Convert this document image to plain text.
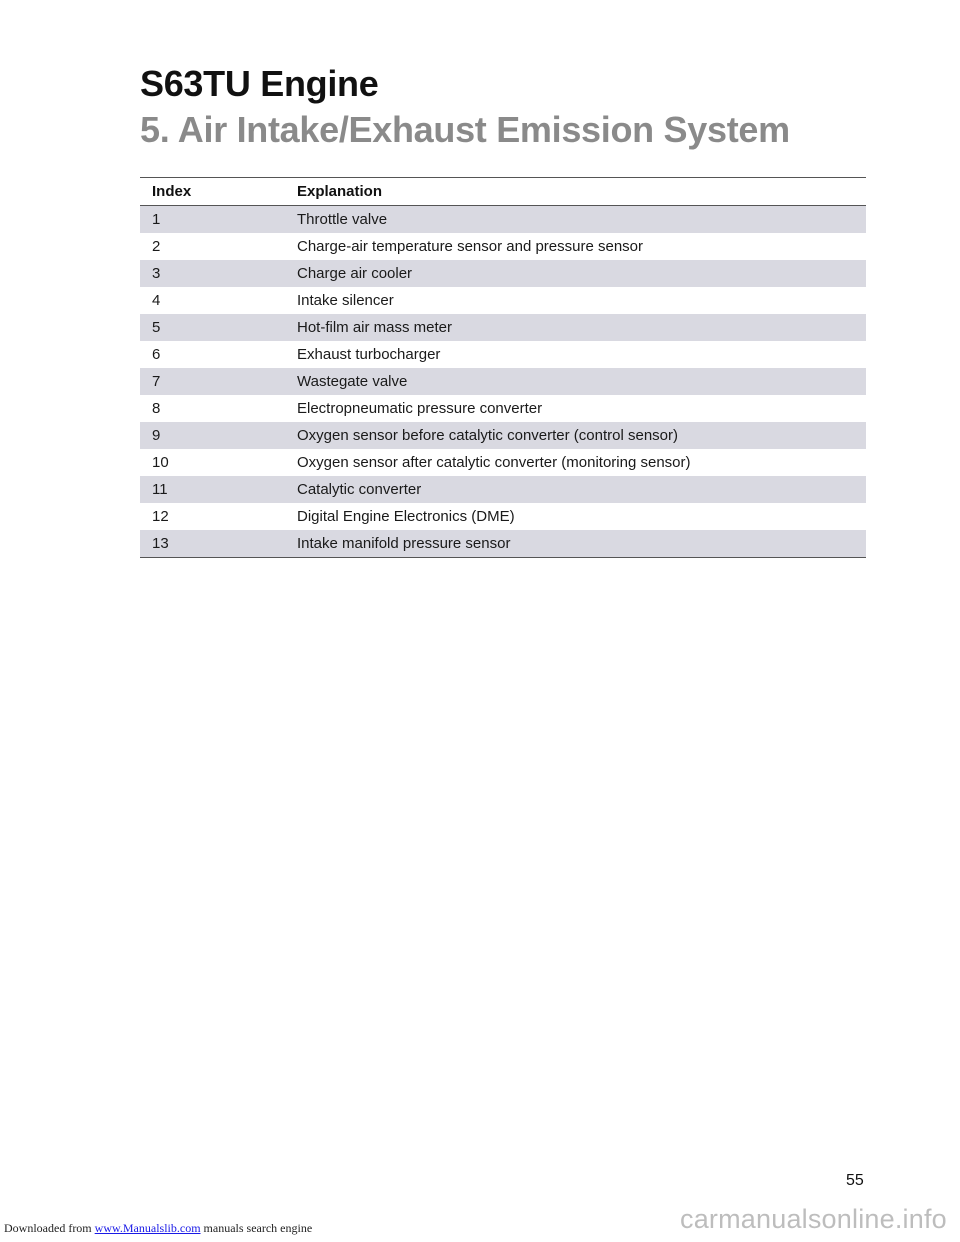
S63TU Engine
5. Air Intake/Exhaust Emission System
Index	Explanation
1	Throttle valve
2	Charge-air temperature sensor and pressure sensor
3	Charge air cooler
4	Intake silencer
5	Hot-film air mass meter
6	Exhaust turbocharger
7	Wastegate valve
8	Electropneumatic pressure converter
9	Oxygen sensor before catalytic converter (control sensor)
10	Oxygen sensor after catalytic converter (monitoring sensor)
11	Catalytic converter
12	Digital Engine Electronics (DME)
13	Intake manifold pressure sensor
55
carmanualsonline.info
Downloaded from www.Manualslib.com manuals search engine
